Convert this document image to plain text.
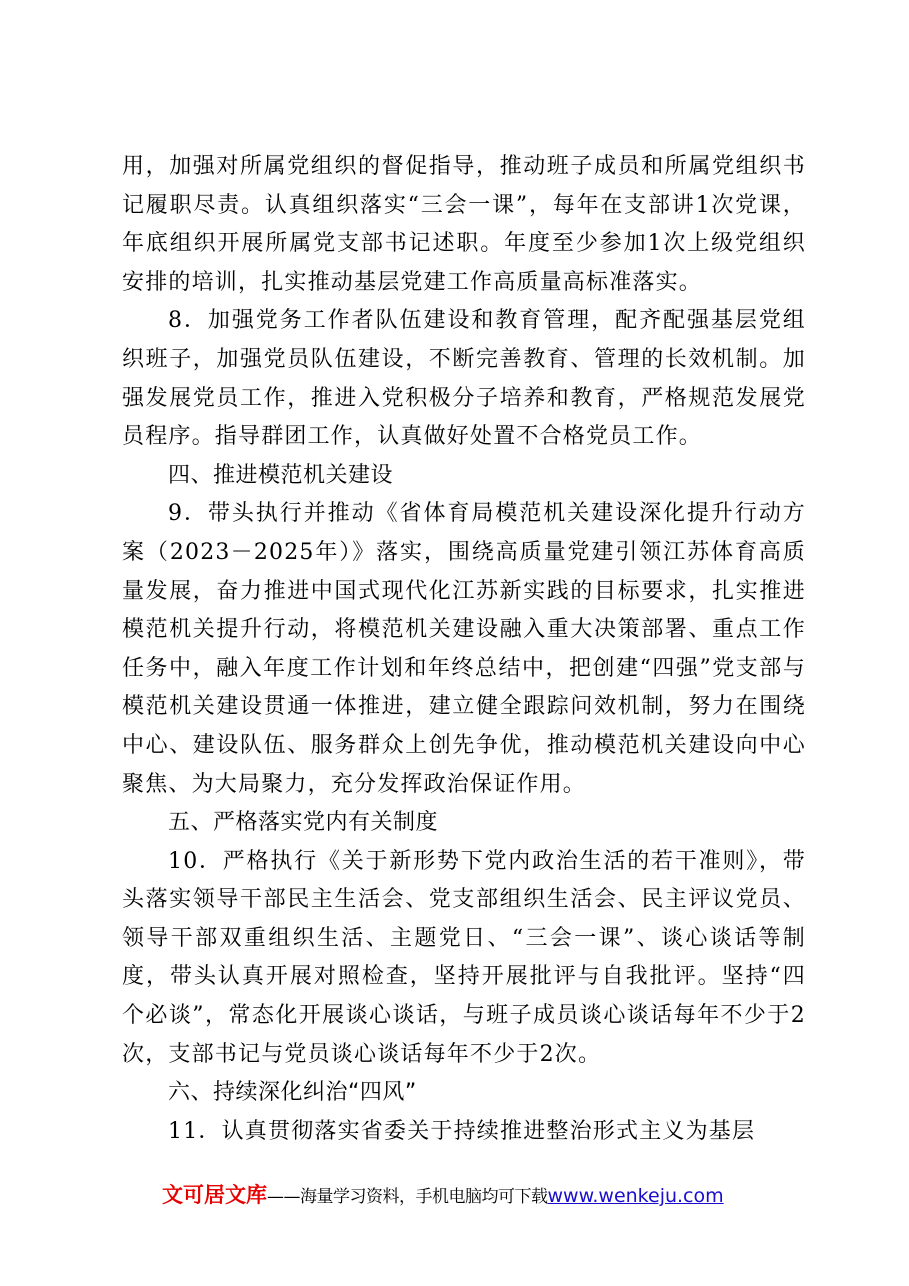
用，加强对所属党组织的督促指导，推动班子成员和所属党组织书记履职尽责。认真组织落实“三会一课”，每年在支部讲1次党课，年底组织开展所属党支部书记述职。年度至少参加1次上级党组织安排的培训，扎实推动基层党建工作高质量高标准落实。

8．加强党务工作者队伍建设和教育管理，配齐配强基层党组织班子，加强党员队伍建设，不断完善教育、管理的长效机制。加强发展党员工作，推进入党积极分子培养和教育，严格规范发展党员程序。指导群团工作，认真做好处置不合格党员工作。

四、推进模范机关建设

9．带头执行并推动《省体育局模范机关建设深化提升行动方案（2023－2025年）》落实，围绕高质量党建引领江苏体育高质量发展，奋力推进中国式现代化江苏新实践的目标要求，扎实推进模范机关提升行动，将模范机关建设融入重大决策部署、重点工作任务中，融入年度工作计划和年终总结中，把创建“四强”党支部与模范机关建设贯通一体推进，建立健全跟踪问效机制，努力在围绕中心、建设队伍、服务群众上创先争优，推动模范机关建设向中心聚焦、为大局聚力，充分发挥政治保证作用。

五、严格落实党内有关制度

10．严格执行《关于新形势下党内政治生活的若干准则》，带头落实领导干部民主生活会、党支部组织生活会、民主评议党员、领导干部双重组织生活、主题党日、“三会一课”、谈心谈话等制度，带头认真开展对照检查，坚持开展批评与自我批评。坚持“四个必谈”，常态化开展谈心谈话，与班子成员谈心谈话每年不少于2次，支部书记与党员谈心谈话每年不少于2次。

六、持续深化纠治“四风”

11．认真贯彻落实省委关于持续推进整治形式主义为基层

文可居文库——海量学习资料，手机电脑均可下载www.wenkeju.com
